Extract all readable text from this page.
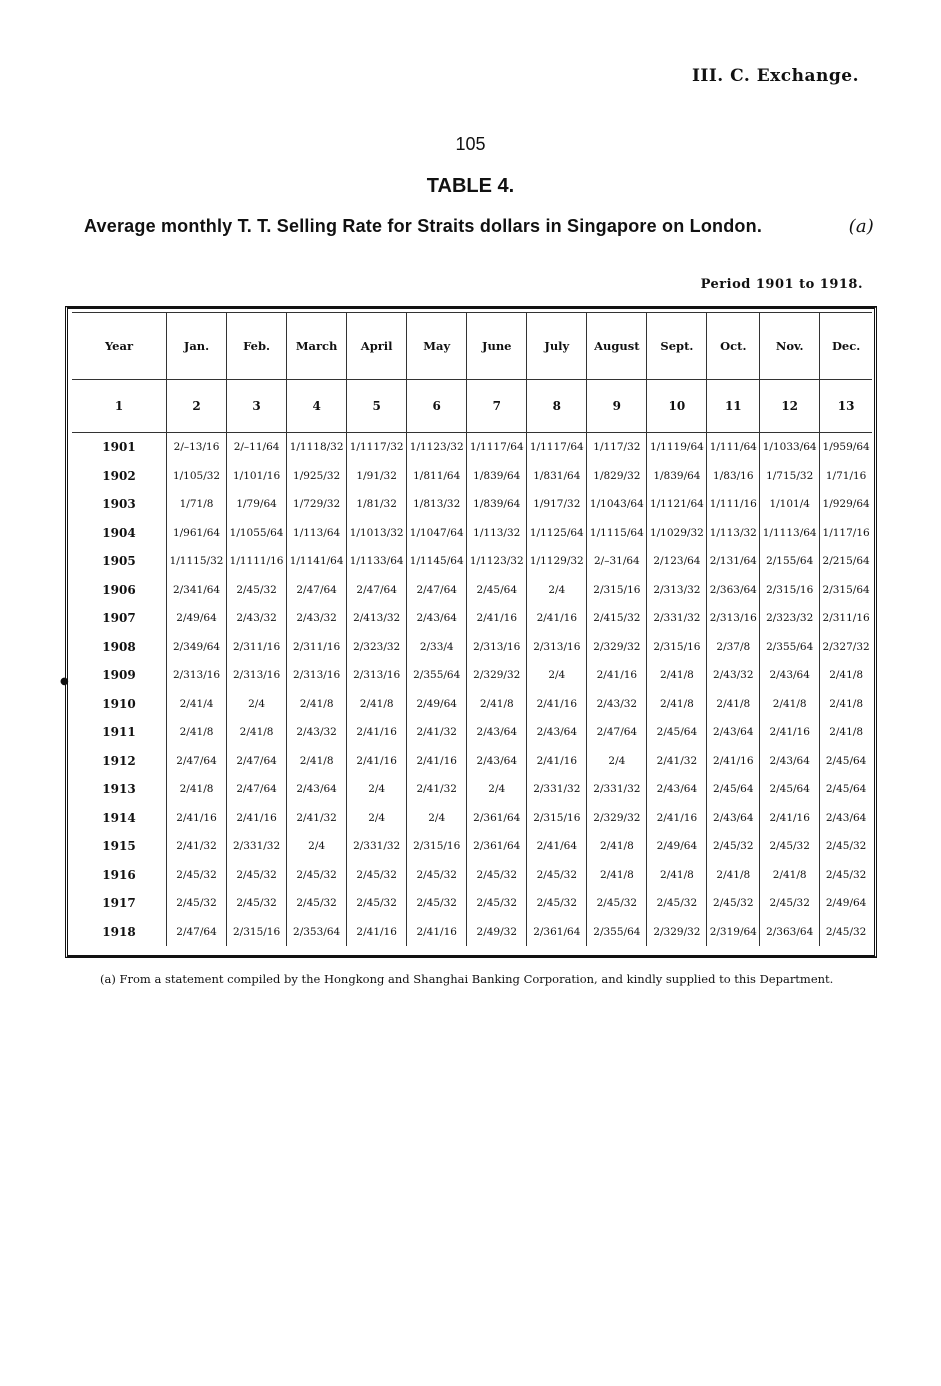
III. C. Exchange.
105
TABLE 4.
Average monthly T. T. Selling Rate for Straits dollars in Singapore on London.	(a)
Period 1901 to 1918.
Year	Jan.	Feb.	March	April	May	June	July	August	Sept.	Oct.	Nov.	Dec.
1	2	3	4	5	6	7	8	9	10	11	12	13
1901	2/–13/16	2/–11/64	1/1118/32	1/1117/32	1/1123/32	1/1117/64	1/1117/64	1/117/32	1/1119/64	1/111/64	1/1033/64	1/959/64
1902	1/105/32	1/101/16	1/925/32	1/91/32	1/811/64	1/839/64	1/831/64	1/829/32	1/839/64	1/83/16	1/715/32	1/71/16
1903	1/71/8	1/79/64	1/729/32	1/81/32	1/813/32	1/839/64	1/917/32	1/1043/64	1/1121/64	1/111/16	1/101/4	1/929/64
1904	1/961/64	1/1055/64	1/113/64	1/1013/32	1/1047/64	1/113/32	1/1125/64	1/1115/64	1/1029/32	1/113/32	1/1113/64	1/117/16
1905	1/1115/32	1/1111/16	1/1141/64	1/1133/64	1/1145/64	1/1123/32	1/1129/32	2/–31/64	2/123/64	2/131/64	2/155/64	2/215/64
1906	2/341/64	2/45/32	2/47/64	2/47/64	2/47/64	2/45/64	2/4	2/315/16	2/313/32	2/363/64	2/315/16	2/315/64
1907	2/49/64	2/43/32	2/43/32	2/413/32	2/43/64	2/41/16	2/41/16	2/415/32	2/331/32	2/313/16	2/323/32	2/311/16
1908	2/349/64	2/311/16	2/311/16	2/323/32	2/33/4	2/313/16	2/313/16	2/329/32	2/315/16	2/37/8	2/355/64	2/327/32
1909	2/313/16	2/313/16	2/313/16	2/313/16	2/355/64	2/329/32	2/4	2/41/16	2/41/8	2/43/32	2/43/64	2/41/8
1910	2/41/4	2/4	2/41/8	2/41/8	2/49/64	2/41/8	2/41/16	2/43/32	2/41/8	2/41/8	2/41/8	2/41/8
1911	2/41/8	2/41/8	2/43/32	2/41/16	2/41/32	2/43/64	2/43/64	2/47/64	2/45/64	2/43/64	2/41/16	2/41/8
1912	2/47/64	2/47/64	2/41/8	2/41/16	2/41/16	2/43/64	2/41/16	2/4	2/41/32	2/41/16	2/43/64	2/45/64
1913	2/41/8	2/47/64	2/43/64	2/4	2/41/32	2/4	2/331/32	2/331/32	2/43/64	2/45/64	2/45/64	2/45/64
1914	2/41/16	2/41/16	2/41/32	2/4	2/4	2/361/64	2/315/16	2/329/32	2/41/16	2/43/64	2/41/16	2/43/64
1915	2/41/32	2/331/32	2/4	2/331/32	2/315/16	2/361/64	2/41/64	2/41/8	2/49/64	2/45/32	2/45/32	2/45/32
1916	2/45/32	2/45/32	2/45/32	2/45/32	2/45/32	2/45/32	2/45/32	2/41/8	2/41/8	2/41/8	2/41/8	2/45/32
1917	2/45/32	2/45/32	2/45/32	2/45/32	2/45/32	2/45/32	2/45/32	2/45/32	2/45/32	2/45/32	2/45/32	2/49/64
1918	2/47/64	2/315/16	2/353/64	2/41/16	2/41/16	2/49/32	2/361/64	2/355/64	2/329/32	2/319/64	2/363/64	2/45/32
●
(a) From a statement compiled by the Hongkong and Shanghai Banking Corporation, and kindly supplied to this Department.
